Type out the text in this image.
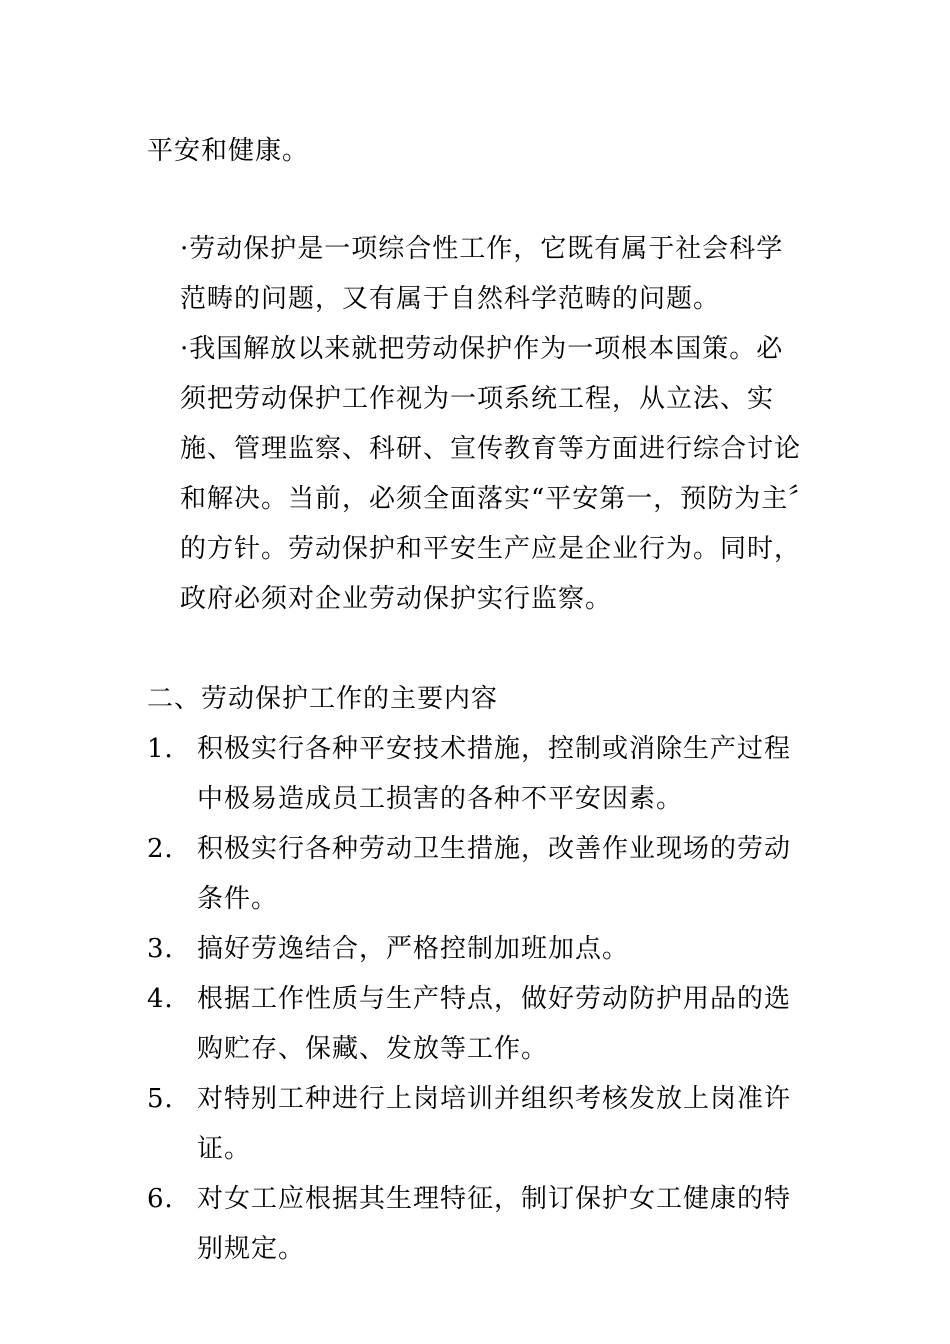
平安和健康。

·劳动保护是一项综合性工作，它既有属于社会科学范畴的问题，又有属于自然科学范畴的问题。

·我国解放以来就把劳动保护作为一项根本国策。必须把劳动保护工作视为一项系统工程，从立法、实施、管理监察、科研、宣传教育等方面进行综合讨论和解决。当前，必须全面落实“平安第一，预防为主〞的方针。劳动保护和平安生产应是企业行为。同时，政府必须对企业劳动保护实行监察。

二、劳动保护工作的主要内容
1． 积极实行各种平安技术措施，控制或消除生产过程中极易造成员工损害的各种不平安因素。
2． 积极实行各种劳动卫生措施，改善作业现场的劳动条件。
3． 搞好劳逸结合，严格控制加班加点。
4． 根据工作性质与生产特点，做好劳动防护用品的选购贮存、保藏、发放等工作。
5． 对特别工种进行上岗培训并组织考核发放上岗准许证。
6． 对女工应根据其生理特征，制订保护女工健康的特别规定。
